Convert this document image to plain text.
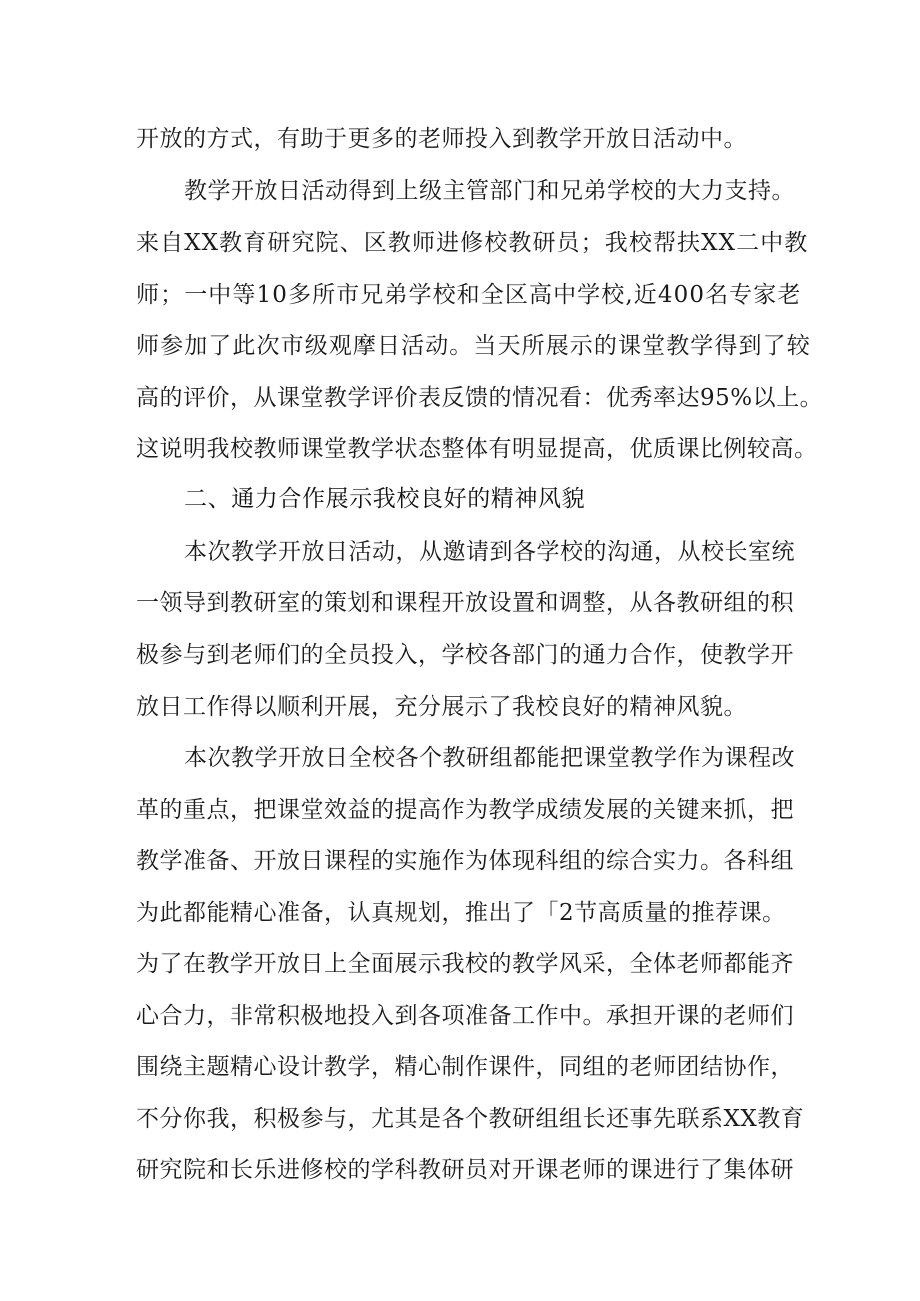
开放的方式，有助于更多的老师投入到教学开放日活动中。
教学开放日活动得到上级主管部门和兄弟学校的大力支持。
来自XX教育研究院、区教师进修校教研员；我校帮扶XX二中教
师；一中等10多所市兄弟学校和全区高中学校,近400名专家老
师参加了此次市级观摩日活动。当天所展示的课堂教学得到了较
高的评价，从课堂教学评价表反馈的情况看：优秀率达95%以上。
这说明我校教师课堂教学状态整体有明显提高，优质课比例较高。
二、通力合作展示我校良好的精神风貌
本次教学开放日活动，从邀请到各学校的沟通，从校长室统
一领导到教研室的策划和课程开放设置和调整，从各教研组的积
极参与到老师们的全员投入，学校各部门的通力合作，使教学开
放日工作得以顺利开展，充分展示了我校良好的精神风貌。
本次教学开放日全校各个教研组都能把课堂教学作为课程改
革的重点，把课堂效益的提高作为教学成绩发展的关键来抓，把
教学准备、开放日课程的实施作为体现科组的综合实力。各科组
为此都能精心准备，认真规划，推出了「2节高质量的推荐课。
为了在教学开放日上全面展示我校的教学风采，全体老师都能齐
心合力，非常积极地投入到各项准备工作中。承担开课的老师们
围绕主题精心设计教学，精心制作课件，同组的老师团结协作，
不分你我，积极参与，尤其是各个教研组组长还事先联系XX教育
研究院和长乐进修校的学科教研员对开课老师的课进行了集体研
